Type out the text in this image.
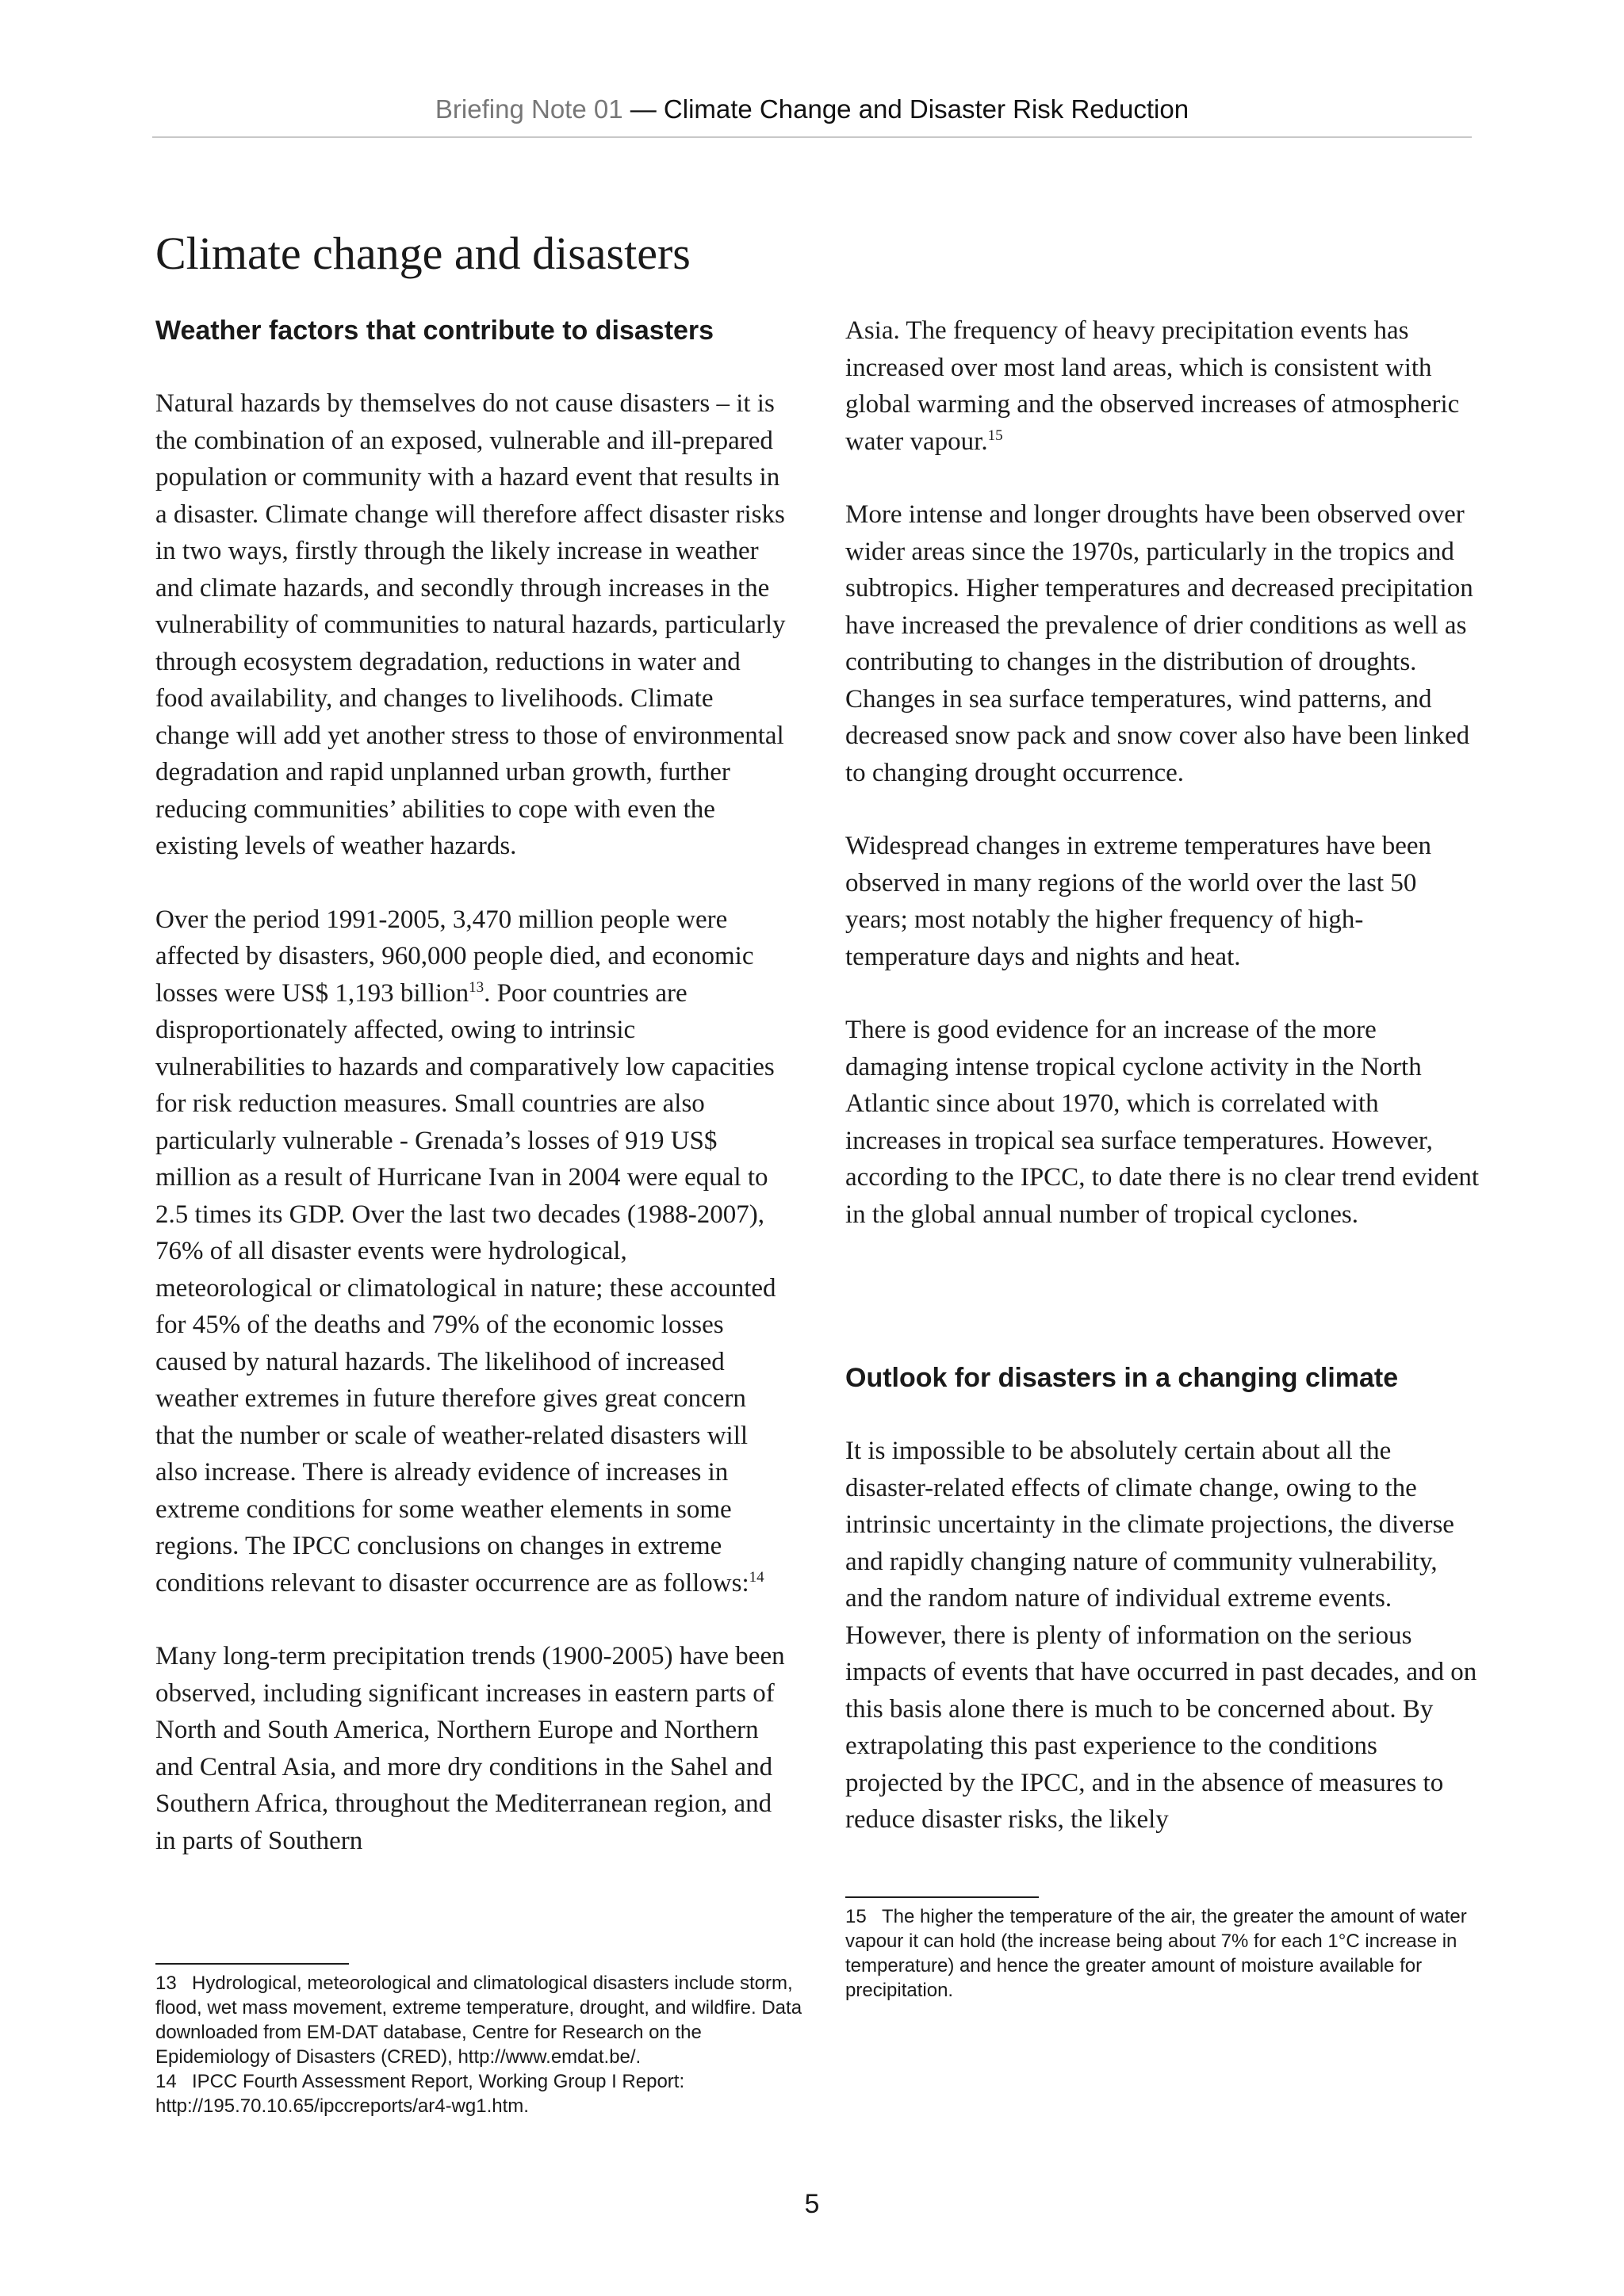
Briefing Note 01 — Climate Change and Disaster Risk Reduction
Climate change and disasters
Weather factors that contribute to disasters

Natural hazards by themselves do not cause disasters – it is the combination of an exposed, vulnerable and ill-prepared population or community with a hazard event that results in a disaster. Climate change will therefore affect disaster risks in two ways, firstly through the likely increase in weather and climate hazards, and secondly through increases in the vulnerability of communities to natural hazards, particularly through ecosystem degradation, reductions in water and food availability, and changes to livelihoods. Climate change will add yet another stress to those of environmental degradation and rapid unplanned urban growth, further reducing communities’ abilities to cope with even the existing levels of weather hazards.

Over the period 1991-2005, 3,470 million people were affected by disasters, 960,000 people died, and economic losses were US$ 1,193 billion$^{13}$. Poor countries are disproportionately affected, owing to intrinsic vulnerabilities to hazards and comparatively low capacities for risk reduction measures. Small countries are also particularly vulnerable - Grenada’s losses of 919 US$ million as a result of Hurricane Ivan in 2004 were equal to 2.5 times its GDP. Over the last two decades (1988-2007), 76% of all disaster events were hydrological, meteorological or climatological in nature; these accounted for 45% of the deaths and 79% of the economic losses caused by natural hazards. The likelihood of increased weather extremes in future therefore gives great concern that the number or scale of weather-related disasters will also increase. There is already evidence of increases in extreme conditions for some weather elements in some regions. The IPCC conclusions on changes in extreme conditions relevant to disaster occurrence are as follows:$^{14}$

Many long-term precipitation trends (1900-2005) have been observed, including significant increases in eastern parts of North and South America, Northern Europe and Northern and Central Asia, and more dry conditions in the Sahel and Southern Africa, throughout the Mediterranean region, and in parts of Southern

Asia. The frequency of heavy precipitation events has increased over most land areas, which is consistent with global warming and the observed increases of atmospheric water vapour.$^{15}$

More intense and longer droughts have been observed over wider areas since the 1970s, particularly in the tropics and subtropics. Higher temperatures and decreased precipitation have increased the prevalence of drier conditions as well as contributing to changes in the distribution of droughts. Changes in sea surface temperatures, wind patterns, and decreased snow pack and snow cover also have been linked to changing drought occurrence.

Widespread changes in extreme temperatures have been observed in many regions of the world over the last 50 years; most notably the higher frequency of high-temperature days and nights and heat.

There is good evidence for an increase of the more damaging intense tropical cyclone activity in the North Atlantic since about 1970, which is correlated with increases in tropical sea surface temperatures. However, according to the IPCC, to date there is no clear trend evident in the global annual number of tropical cyclones.

Outlook for disasters in a changing climate

It is impossible to be absolutely certain about all the disaster-related effects of climate change, owing to the intrinsic uncertainty in the climate projections, the diverse and rapidly changing nature of community vulnerability, and the random nature of individual extreme events. However, there is plenty of information on the serious impacts of events that have occurred in past decades, and on this basis alone there is much to be concerned about. By extrapolating this past experience to the conditions projected by the IPCC, and in the absence of measures to reduce disaster risks, the likely

13 Hydrological, meteorological and climatological disasters include storm, flood, wet mass movement, extreme temperature, drought, and wildfire. Data downloaded from EM-DAT database, Centre for Research on the Epidemiology of Disasters (CRED), http://www.emdat.be/.

14 IPCC Fourth Assessment Report, Working Group I Report: http://195.70.10.65/ipccreports/ar4-wg1.htm.

15 The higher the temperature of the air, the greater the amount of water vapour it can hold (the increase being about 7% for each 1°C increase in temperature) and hence the greater amount of moisture available for precipitation.

5
